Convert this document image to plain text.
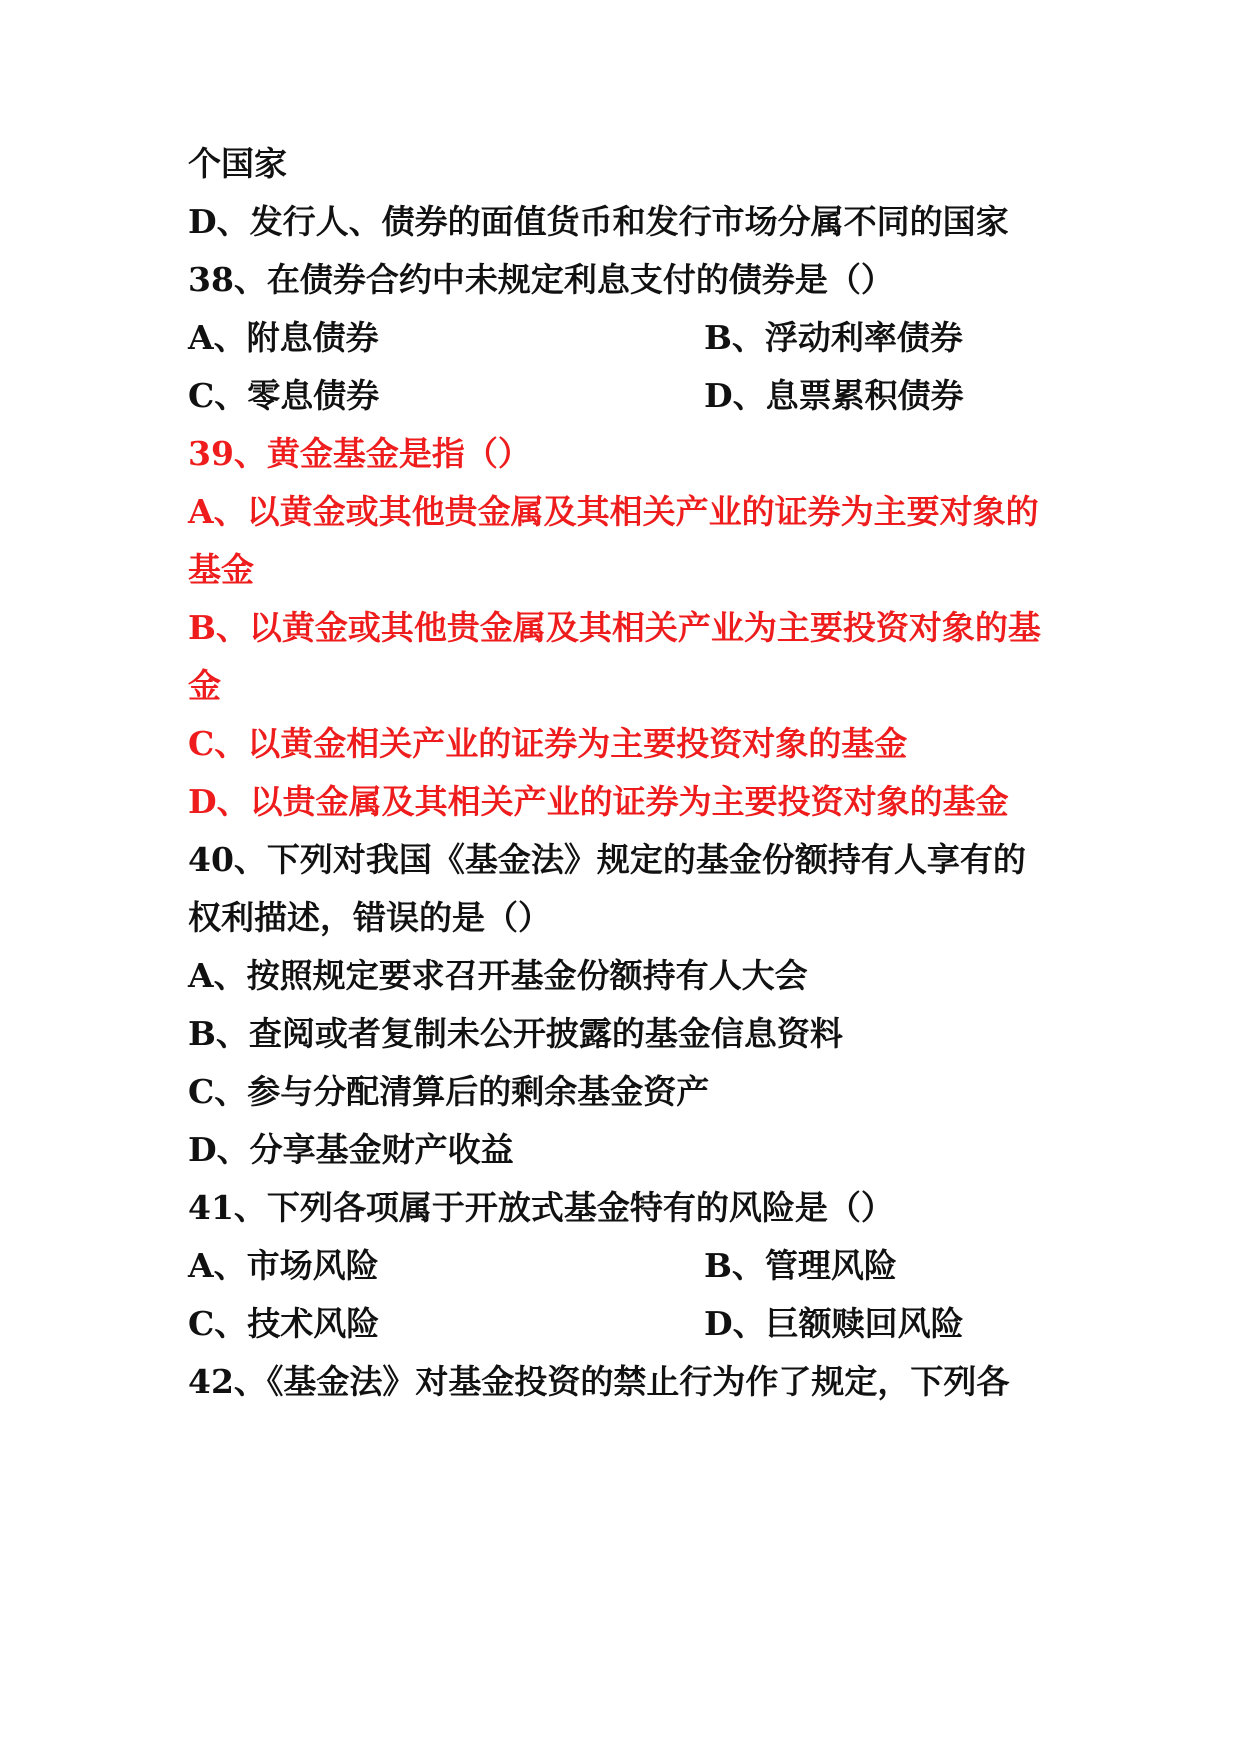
个国家
D、发行人、债券的面值货币和发行市场分属不同的国家
38、在债券合约中未规定利息支付的债券是（）
A、附息债券	B、浮动利率债券
C、零息债券	D、息票累积债券
39、黄金基金是指（）
A、以黄金或其他贵金属及其相关产业的证券为主要对象的
基金
B、以黄金或其他贵金属及其相关产业为主要投资对象的基
金
C、以黄金相关产业的证券为主要投资对象的基金
D、以贵金属及其相关产业的证券为主要投资对象的基金
40、下列对我国《基金法》规定的基金份额持有人享有的
权利描述，错误的是（）
A、按照规定要求召开基金份额持有人大会
B、查阅或者复制未公开披露的基金信息资料
C、参与分配清算后的剩余基金资产
D、分享基金财产收益
41、下列各项属于开放式基金特有的风险是（）
A、市场风险	B、管理风险
C、技术风险	D、巨额赎回风险
42、《基金法》对基金投资的禁止行为作了规定，下列各
